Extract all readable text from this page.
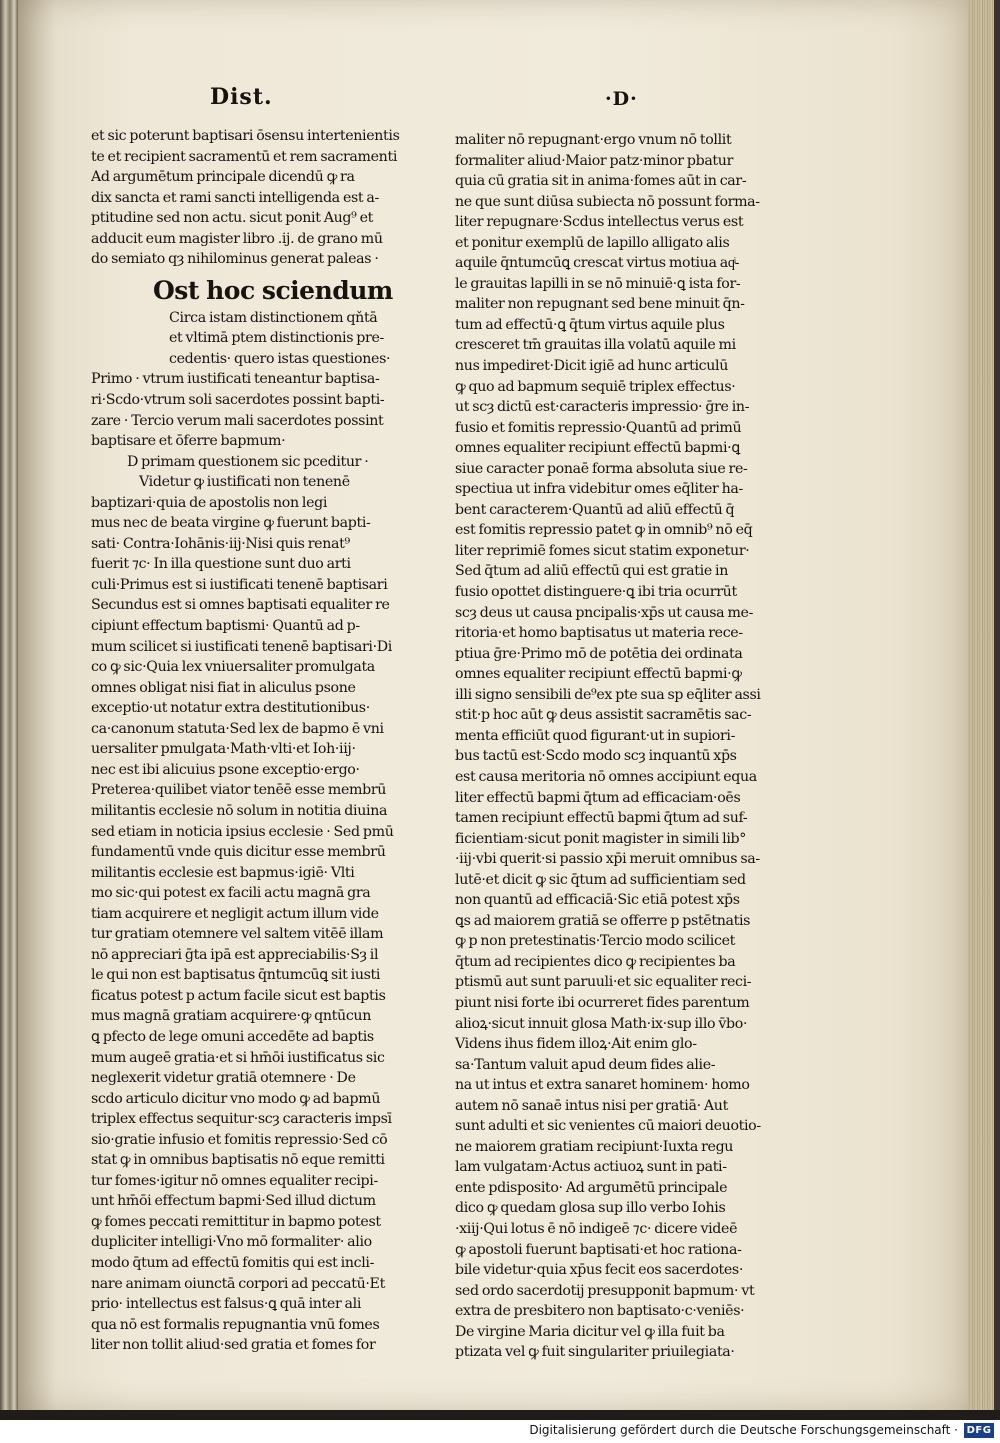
Dist.	·D·
et sic poterunt baptisari ōsensu intertenientis
te et recipient sacramentū et rem sacramenti
Ad argumētum principale dicendū ꝙ ra
dix sancta et rami sancti intelligenda est a-
ptitudine sed non actu. sicut ponit Aug⁹ et
adducit eum magister libro .ij. de grano mū
do semiato qȝ nihilominus generat paleas ·
Ost hoc sciendum
Circa istam distinctionem qňtā
et vltimā ptem distinctionis pre-
cedentis· quero istas questiones·
Primo · vtrum iustificati teneantur baptisa-
ri·Scdo·vtrum soli sacerdotes possint bapti-
zare · Tercio verum mali sacerdotes possint
baptisare et ōferre bapmum·
D primam questionem sic pceditur ·
Videtur ꝙ iustificati non tenenē
baptizari·quia de apostolis non legi
mus nec de beata virgine ꝙ fuerunt bapti-
sati· Contra·Iohānis·iij·Nisi quis renat⁹
fuerit ⁊c· In illa questione sunt duo arti
culi·Primus est si iustificati tenenē baptisari
Secundus est si omnes baptisati equaliter re
cipiunt effectum baptismi· Quantū ad p-
mum scilicet si iustificati tenenē baptisari·Di
co ꝙ sic·Quia lex vniuersaliter promulgata
omnes obligat nisi fiat in aliculus psone
exceptio·ut notatur extra destitutionibus·
ca·canonum statuta·Sed lex de bapmo ē vni
uersaliter pmulgata·Math·vlti·et Ioh·iij·
nec est ibi alicuius psone exceptio·ergo·
Preterea·quilibet viator tenēē esse membrū
militantis ecclesie nō solum in notitia diuina
sed etiam in noticia ipsius ecclesie · Sed pmū
fundamentū vnde quis dicitur esse membrū
militantis ecclesie est bapmus·igiē· Vlti
mo sic·qui potest ex facili actu magnā gra
tiam acquirere et negligit actum illum vide
tur gratiam otemnere vel saltem vitēē illam
nō appreciari ḡta ipā est appreciabilis·Sȝ il
le qui non est baptisatus q̄ntumcūꝗ sit iusti
ficatus potest p actum facile sicut est baptis
mus magnā gratiam acquirere·ꝙ qntūcun
ꝗ pfecto de lege omuni accedēte ad baptis
mum augeē gratia·et si hm̄ōi iustificatus sic
neglexerit videtur gratiā otemnere · De
scdo articulo dicitur vno modo ꝙ ad bapmū
triplex effectus sequitur·scȝ caracteris impsī
sio·gratie infusio et fomitis repressio·Sed cō
stat ꝙ in omnibus baptisatis nō eque remitti
tur fomes·igitur nō omnes equaliter recipi-
unt hm̄ōi effectum bapmi·Sed illud dictum
ꝙ fomes peccati remittitur in bapmo potest
dupliciter intelligi·Vno mō formaliter· alio
modo q̄tum ad effectū fomitis qui est incli-
nare animam oiunctā corpori ad peccatū·Et
prio· intellectus est falsus·ꝗ quā inter ali
qua nō est formalis repugnantia vnū fomes
liter non tollit aliud·sed gratia et fomes for
maliter nō repugnant·ergo vnum nō tollit
formaliter aliud·Maior patz·minor pbatur
quia cū gratia sit in anima·fomes aūt in car-
ne que sunt diūsa subiecta nō possunt forma-
liter repugnare·Scdus intellectus verus est
et ponitur exemplū de lapillo alligato alis
aquile q̄ntumcūꝗ crescat virtus motiua aqͥ-
le grauitas lapilli in se nō minuiē·ꝗ ista for-
maliter non repugnant sed bene minuit q̄n-
tum ad effectū·ꝗ q̄tum virtus aquile plus
cresceret tm̄ grauitas illa volatū aquile mi
nus impediret·Dicit igiē ad hunc articulū
ꝙ quo ad bapmum sequiē triplex effectus·
ut scȝ dictū est·caracteris impressio· ḡre in-
fusio et fomitis repressio·Quantū ad primū
omnes equaliter recipiunt effectū bapmi·ꝗ
siue caracter ponaē forma absoluta siue re-
spectiua ut infra videbitur omes eq̄liter ha-
bent caracterem·Quantū ad aliū effectū q̄
est fomitis repressio patet ꝙ in omnib⁹ nō eq̄
liter reprimiē fomes sicut statim exponetur·
Sed q̄tum ad aliū effectū qui est gratie in
fusio opottet distinguere·ꝗ ibi tria ocurrūt
scȝ deus ut causa pncipalis·xp̄s ut causa me-
ritoria·et homo baptisatus ut materia rece-
ptiua ḡre·Primo mō de potētia dei ordinata
omnes equaliter recipiunt effectū bapmi·ꝙ
illi signo sensibili de⁹ex pte sua sp eq̄liter assi
stit·p hoc aūt ꝙ deus assistit sacramētis sac-
menta efficiūt quod figurant·ut in supiori-
bus tactū est·Scdo modo scȝ inquantū xp̄s
est causa meritoria nō omnes accipiunt equa
liter effectū bapmi q̄tum ad efficaciam·oēs
tamen recipiunt effectū bapmi q̄tum ad suf-
ficientiam·sicut ponit magister in simili lib°
·iij·vbi querit·si passio xp̄i meruit omnibus sa-
lutē·et dicit ꝙ sic q̄tum ad sufficientiam sed
non quantū ad efficaciā·Sic etiā potest xp̄s
ꝗs ad maiorem gratiā se offerre p pstētnatis
ꝙ p non pretestinatis·Tercio modo scilicet
q̄tum ad recipientes dico ꝙ recipientes ba
ptismū aut sunt paruuli·et sic equaliter reci-
piunt nisi forte ibi ocurreret fides parentum
alioꝝ·sicut innuit glosa Math·ix·sup illo v̄bo·
Videns ihus fidem illoꝝ·Ait enim glo-
sa·Tantum valuit apud deum fides alie-
na ut intus et extra sanaret hominem· homo
autem nō sanaē intus nisi per gratiā· Aut
sunt adulti et sic venientes cū maiori deuotio-
ne maiorem gratiam recipiunt·Iuxta regu
lam vulgatam·Actus actiuoꝝ sunt in pati-
ente pdisposito· Ad argumētū principale
dico ꝙ quedam glosa sup illo verbo Iohis
·xiij·Qui lotus ē nō indigeē ⁊c· dicere videē
ꝙ apostoli fuerunt baptisati·et hoc rationa-
bile videtur·quia xp̄us fecit eos sacerdotes·
sed ordo sacerdotij presupponit bapmum· vt
extra de presbitero non baptisato·c·veniēs·
De virgine Maria dicitur vel ꝙ illa fuit ba
ptizata vel ꝙ fuit singulariter priuilegiata·
Digitalisierung gefördert durch die Deutsche Forschungsgemeinschaft · DFG
